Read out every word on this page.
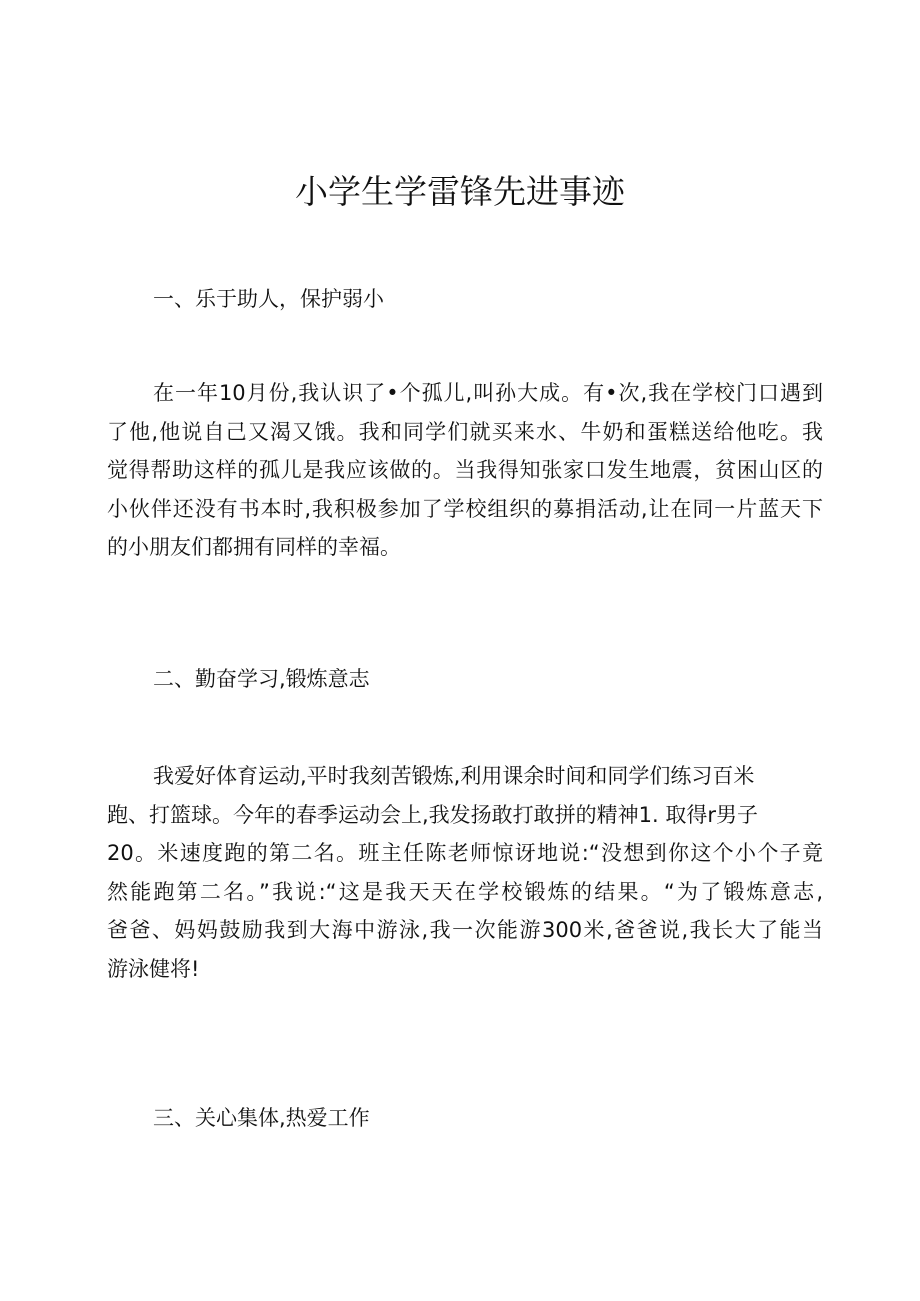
小学生学雷锋先进事迹
一、乐于助人，保护弱小
在一年10月份,我认识了•个孤儿,叫孙大成。有•次,我在学校门口遇到
了他,他说自己又渴又饿。我和同学们就买来水、牛奶和蛋糕送给他吃。我
觉得帮助这样的孤儿是我应该做的。当我得知张家口发生地震，贫困山区的
小伙伴还没有书本时,我积极参加了学校组织的募捐活动,让在同一片蓝天下
的小朋友们都拥有同样的幸福。
二、勤奋学习,锻炼意志
我爱好体育运动,平时我刻苦锻炼,利用课余时间和同学们练习百米
跑、打篮球。今年的春季运动会上,我发扬敢打敢拼的精神1. 取得r男子
20。米速度跑的第二名。班主任陈老师惊讶地说:“没想到你这个小个子竟
然能跑第二名。”我说:“这是我天天在学校锻炼的结果。“为了锻炼意志,
爸爸、妈妈鼓励我到大海中游泳,我一次能游300米,爸爸说,我长大了能当
游泳健将!
三、关心集体,热爱工作
